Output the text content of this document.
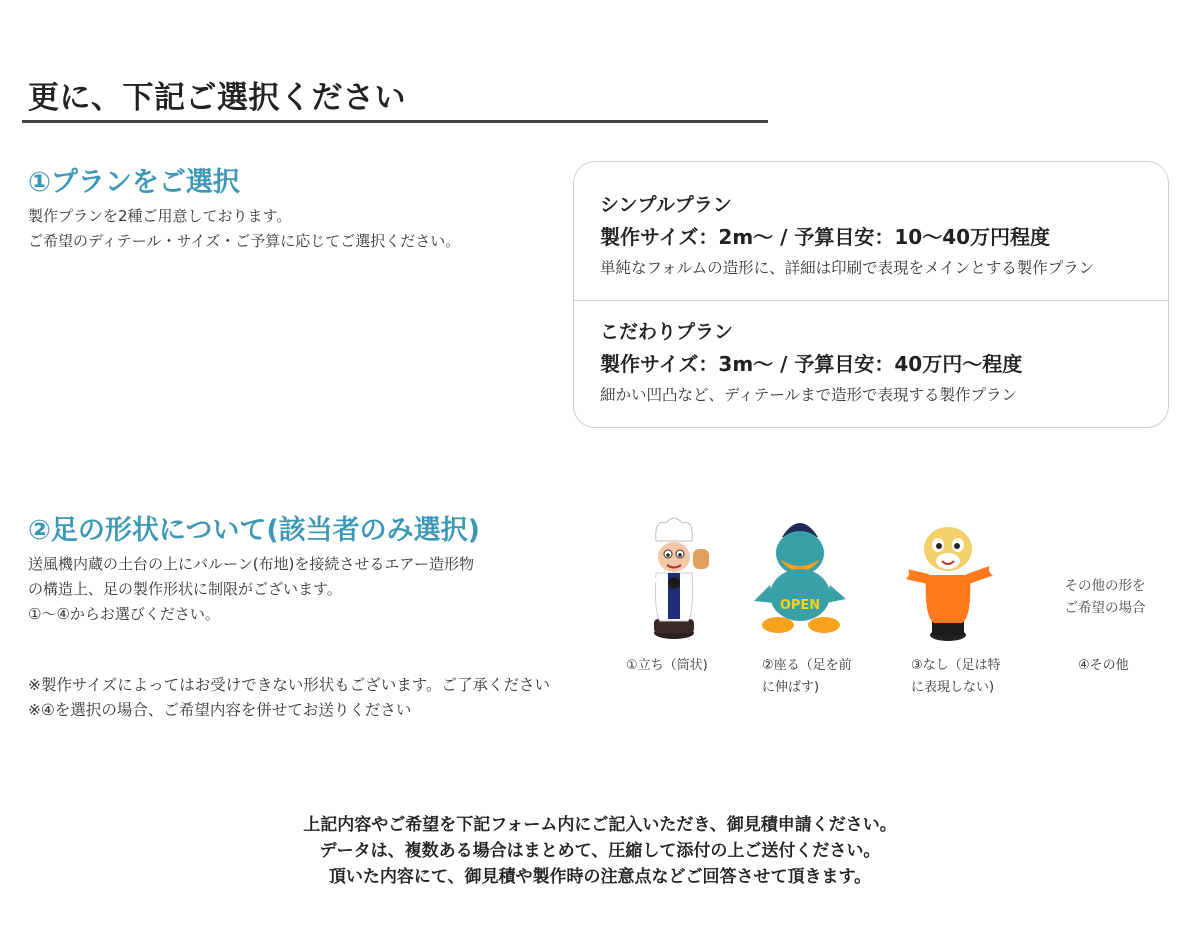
更に、下記ご選択ください
①プランをご選択
製作プランを2種ご用意しております。
ご希望のディテール・サイズ・ご予算に応じてご選択ください。
シンプルプラン
製作サイズ：2m〜 / 予算目安：10〜40万円程度
単純なフォルムの造形に、詳細は印刷で表現をメインとする製作プラン
こだわりプラン
製作サイズ：3m〜 / 予算目安：40万円〜程度
細かい凹凸など、ディテールまで造形で表現する製作プラン
②足の形状について(該当者のみ選択)
送風機内蔵の土台の上にバルーン(布地)を接続させるエアー造形物
の構造上、足の製作形状に制限がございます。
①〜④からお選びください。
※製作サイズによってはお受けできない形状もございます。ご了承ください
※④を選択の場合、ご希望内容を併せてお送りください
OPEN
その他の形を
ご希望の場合
①立ち（筒状)	②座る（足を前
に伸ばす)
③なし（足は特
に表現しない)
④その他
上記内容やご希望を下記フォーム内にご記入いただき、御見積申請ください。
データは、複数ある場合はまとめて、圧縮して添付の上ご送付ください。
頂いた内容にて、御見積や製作時の注意点などご回答させて頂きます。
